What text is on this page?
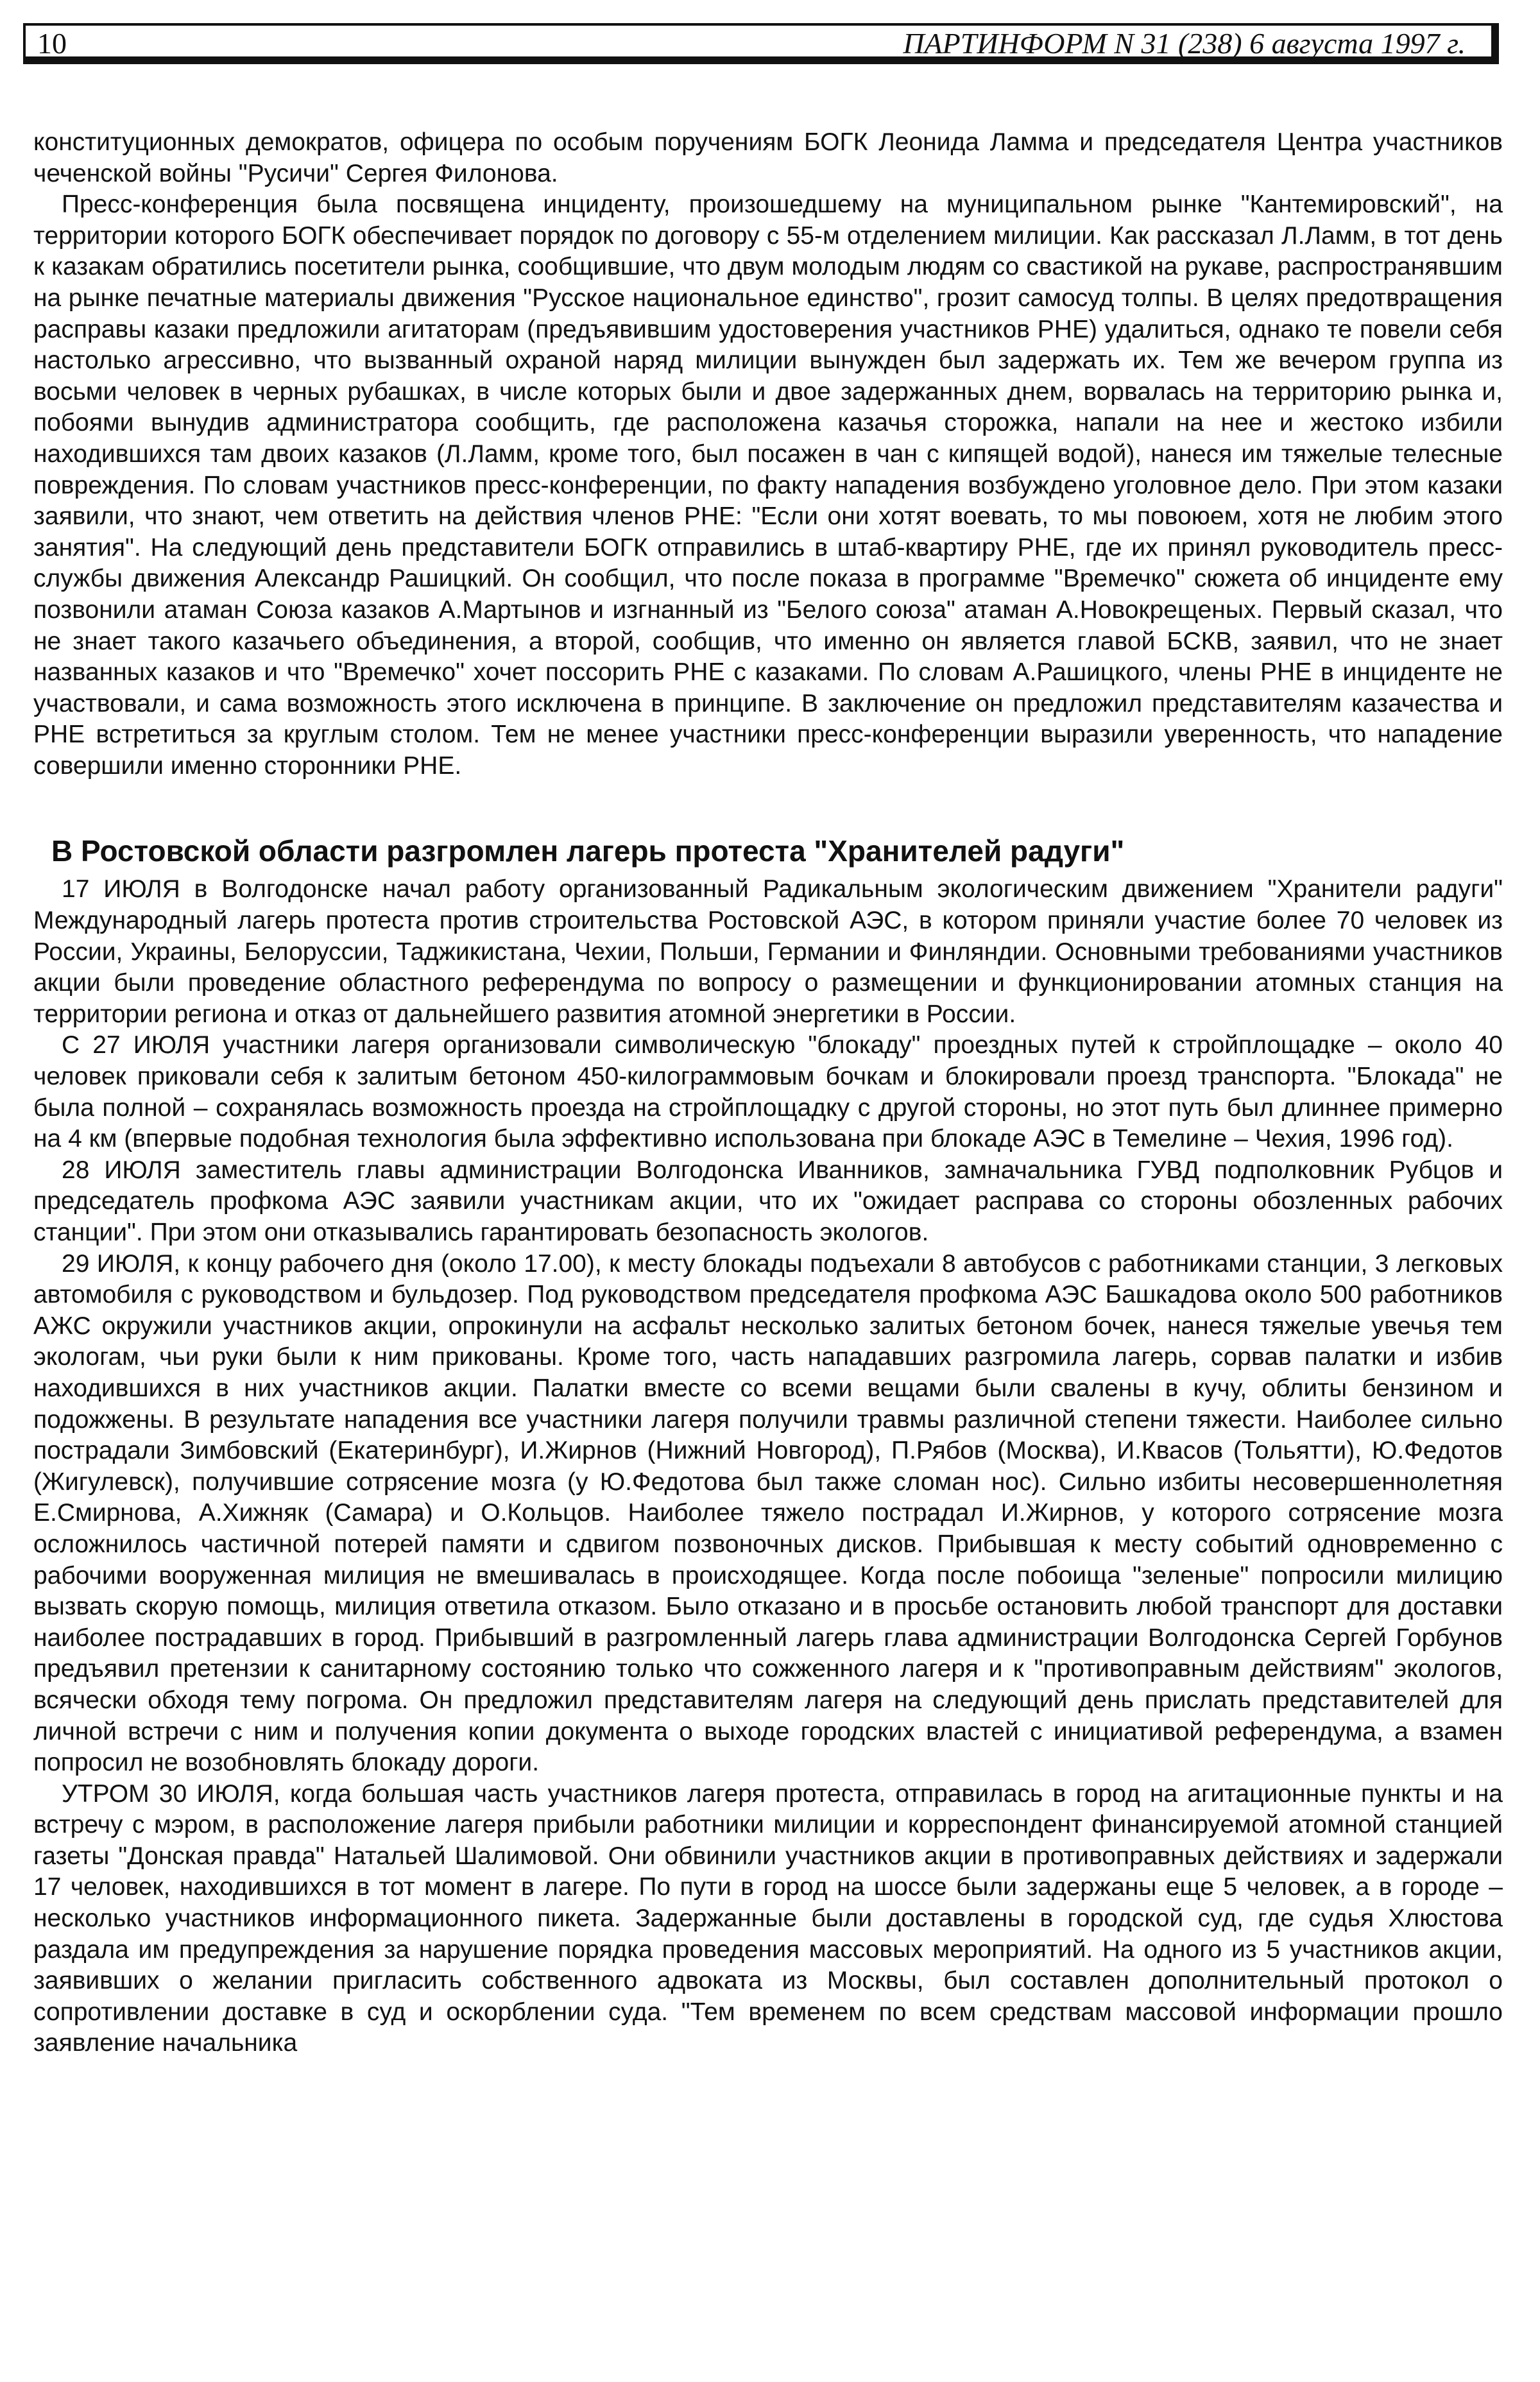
10	ПАРТИНФОРМ N 31 (238) 6 августа 1997 г.

конституционных демократов, офицера по особым поручениям БОГК Леонида Ламма и председателя Центра участников чеченской войны "Русичи" Сергея Филонова.

Пресс-конференция была посвящена инциденту, произошедшему на муниципальном рынке "Кантемировский", на территории которого БОГК обеспечивает порядок по договору с 55-м отделением милиции. Как рассказал Л.Ламм, в тот день к казакам обратились посетители рынка, сообщившие, что двум молодым людям со свастикой на рукаве, распространявшим на рынке печатные материалы движения "Русское национальное единство", грозит самосуд толпы. В целях предотвращения расправы казаки предложили агитаторам (предъявившим удостоверения участников РНЕ) удалиться, однако те повели себя настолько агрессивно, что вызванный охраной наряд милиции вынужден был задержать их. Тем же вечером группа из восьми человек в черных рубашках, в числе которых были и двое задержанных днем, ворвалась на территорию рынка и, побоями вынудив администратора сообщить, где расположена казачья сторожка, напали на нее и жестоко избили находившихся там двоих казаков (Л.Ламм, кроме того, был посажен в чан с кипящей водой), нанеся им тяжелые телесные повреждения. По словам участников пресс-конференции, по факту нападения возбуждено уголовное дело. При этом казаки заявили, что знают, чем ответить на действия членов РНЕ: "Если они хотят воевать, то мы повоюем, хотя не любим этого занятия". На следующий день представители БОГК отправились в штаб-квартиру РНЕ, где их принял руководитель пресс-службы движения Александр Рашицкий. Он сообщил, что после показа в программе "Времечко" сюжета об инциденте ему позвонили атаман Союза казаков А.Мартынов и изгнанный из "Белого союза" атаман А.Новокрещеных. Первый сказал, что не знает такого казачьего объединения, а второй, сообщив, что именно он является главой БСКВ, заявил, что не знает названных казаков и что "Времечко" хочет поссорить РНЕ с казаками. По словам А.Рашицкого, члены РНЕ в инциденте не участвовали, и сама возможность этого исключена в принципе. В заключение он предложил представителям казачества и РНЕ встретиться за круглым столом. Тем не менее участники пресс-конференции выразили уверенность, что нападение совершили именно сторонники РНЕ.

В Ростовской области разгромлен лагерь протеста "Хранителей радуги"

17 ИЮЛЯ в Волгодонске начал работу организованный Радикальным экологическим движением "Хранители радуги" Международный лагерь протеста против строительства Ростовской АЭС, в котором приняли участие более 70 человек из России, Украины, Белоруссии, Таджикистана, Чехии, Польши, Германии и Финляндии. Основными требованиями участников акции были проведение областного референдума по вопросу о размещении и функционировании атомных станция на территории региона и отказ от дальнейшего развития атомной энергетики в России.

С 27 ИЮЛЯ участники лагеря организовали символическую "блокаду" проездных путей к стройплощадке – около 40 человек приковали себя к залитым бетоном 450-килограммовым бочкам и блокировали проезд транспорта. "Блокада" не была полной – сохранялась возможность проезда на стройплощадку с другой стороны, но этот путь был длиннее примерно на 4 км (впервые подобная технология была эффективно использована при блокаде АЭС в Темелине – Чехия, 1996 год).

28 ИЮЛЯ заместитель главы администрации Волгодонска Иванников, замначальника ГУВД подполковник Рубцов и председатель профкома АЭС заявили участникам акции, что их "ожидает расправа со стороны обозленных рабочих станции". При этом они отказывались гарантировать безопасность экологов.

29 ИЮЛЯ, к концу рабочего дня (около 17.00), к месту блокады подъехали 8 автобусов с работниками станции, 3 легковых автомобиля с руководством и бульдозер. Под руководством председателя профкома АЭС Башкадова около 500 работников АЖС окружили участников акции, опрокинули на асфальт несколько залитых бетоном бочек, нанеся тяжелые увечья тем экологам, чьи руки были к ним прикованы. Кроме того, часть нападавших разгромила лагерь, сорвав палатки и избив находившихся в них участников акции. Палатки вместе со всеми вещами были свалены в кучу, облиты бензином и подожжены. В результате нападения все участники лагеря получили травмы различной степени тяжести. Наиболее сильно пострадали Зимбовский (Екатеринбург), И.Жирнов (Нижний Новгород), П.Рябов (Москва), И.Квасов (Тольятти), Ю.Федотов (Жигулевск), получившие сотрясение мозга (у Ю.Федотова был также сломан нос). Сильно избиты несовершеннолетняя Е.Смирнова, А.Хижняк (Самара) и О.Кольцов. Наиболее тяжело пострадал И.Жирнов, у которого сотрясение мозга осложнилось частичной потерей памяти и сдвигом позвоночных дисков. Прибывшая к месту событий одновременно с рабочими вооруженная милиция не вмешивалась в происходящее. Когда после побоища "зеленые" попросили милицию вызвать скорую помощь, милиция ответила отказом. Было отказано и в просьбе остановить любой транспорт для доставки наиболее пострадавших в город. Прибывший в разгромленный лагерь глава администрации Волгодонска Сергей Горбунов предъявил претензии к санитарному состоянию только что сожженного лагеря и к "противоправным действиям" экологов, всячески обходя тему погрома. Он предложил представителям лагеря на следующий день прислать представителей для личной встречи с ним и получения копии документа о выходе городских властей с инициативой референдума, а взамен попросил не возобновлять блокаду дороги.

УТРОМ 30 ИЮЛЯ, когда большая часть участников лагеря протеста, отправилась в город на агитационные пункты и на встречу с мэром, в расположение лагеря прибыли работники милиции и корреспондент финансируемой атомной станцией газеты "Донская правда" Натальей Шалимовой. Они обвинили участников акции в противоправных действиях и задержали 17 человек, находившихся в тот момент в лагере. По пути в город на шоссе были задержаны еще 5 человек, а в городе – несколько участников информационного пикета. Задержанные были доставлены в городской суд, где судья Хлюстова раздала им предупреждения за нарушение порядка проведения массовых мероприятий. На одного из 5 участников акции, заявивших о желании пригласить собственного адвоката из Москвы, был составлен дополнительный протокол о сопротивлении доставке в суд и оскорблении суда. "Тем временем по всем средствам массовой информации прошло заявление начальника
